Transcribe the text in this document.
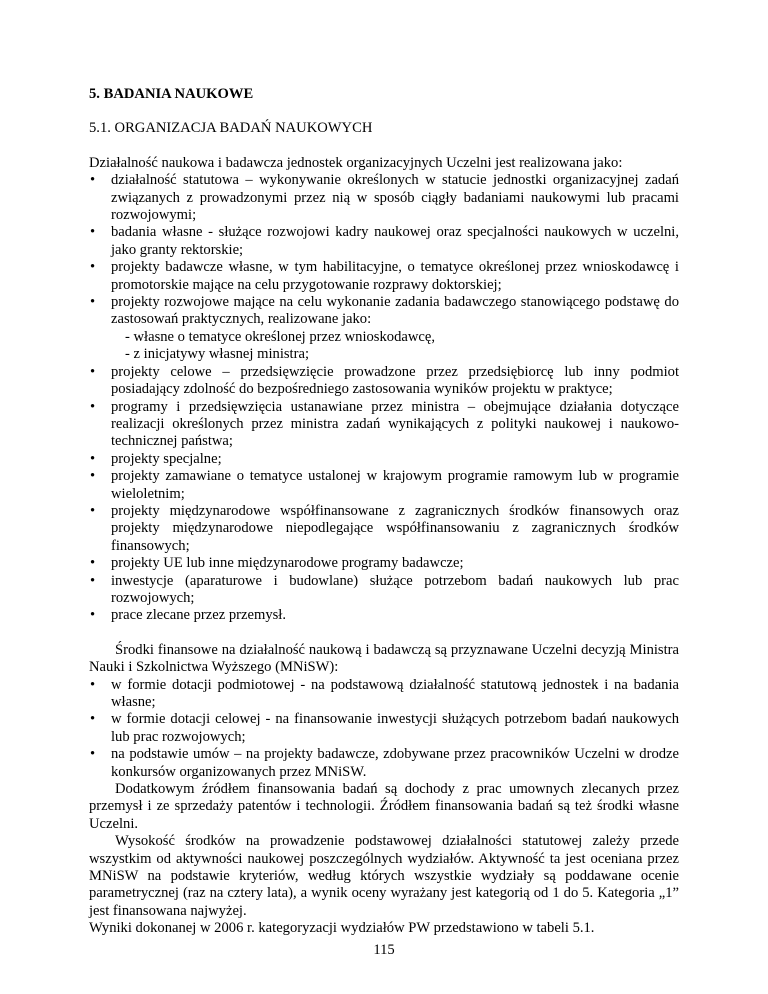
5. BADANIA NAUKOWE
5.1. ORGANIZACJA BADAŃ NAUKOWYCH

Działalność naukowa i badawcza jednostek organizacyjnych Uczelni jest realizowana jako:

• działalność statutowa – wykonywanie określonych w statucie jednostki organizacyjnej zadań związanych z prowadzonymi przez nią w sposób ciągły badaniami naukowymi lub pracami rozwojowymi;
• badania własne - służące rozwojowi kadry naukowej oraz specjalności naukowych w uczelni, jako granty rektorskie;
• projekty badawcze własne, w tym habilitacyjne, o tematyce określonej przez wnioskodawcę i promotorskie mające na celu przygotowanie rozprawy doktorskiej;
• projekty rozwojowe mające na celu wykonanie zadania badawczego stanowiącego podstawę do zastosowań praktycznych, realizowane jako:
- własne o tematyce określonej przez wnioskodawcę,
- z inicjatywy własnej ministra;
• projekty celowe – przedsięwzięcie prowadzone przez przedsiębiorcę lub inny podmiot posiadający zdolność do bezpośredniego zastosowania wyników projektu w praktyce;
• programy i przedsięwzięcia ustanawiane przez ministra – obejmujące działania dotyczące realizacji określonych przez ministra zadań wynikających z polityki naukowej i naukowo-technicznej państwa;
• projekty specjalne;
• projekty zamawiane o tematyce ustalonej w krajowym programie ramowym lub w programie wieloletnim;
• projekty międzynarodowe współfinansowane z zagranicznych środków finansowych oraz projekty międzynarodowe niepodlegające współfinansowaniu z zagranicznych środków finansowych;
• projekty UE lub inne międzynarodowe programy badawcze;
• inwestycje (aparaturowe i budowlane) służące potrzebom badań naukowych lub prac rozwojowych;
• prace zlecane przez przemysł.

Środki finansowe na działalność naukową i badawczą są przyznawane Uczelni decyzją Ministra Nauki i Szkolnictwa Wyższego (MNiSW):

• w formie dotacji podmiotowej - na podstawową działalność statutową jednostek i na badania własne;
• w formie dotacji celowej - na finansowanie inwestycji służących potrzebom badań naukowych lub prac rozwojowych;
• na podstawie umów – na projekty badawcze, zdobywane przez pracowników Uczelni w drodze konkursów organizowanych przez MNiSW.

Dodatkowym źródłem finansowania badań są dochody z prac umownych zlecanych przez przemysł i ze sprzedaży patentów i technologii. Źródłem finansowania badań są też środki własne Uczelni.

Wysokość środków na prowadzenie podstawowej działalności statutowej zależy przede wszystkim od aktywności naukowej poszczególnych wydziałów. Aktywność ta jest oceniana przez MNiSW na podstawie kryteriów, według których wszystkie wydziały są poddawane ocenie parametrycznej (raz na cztery lata), a wynik oceny wyrażany jest kategorią od 1 do 5. Kategoria „1” jest finansowana najwyżej.

Wyniki dokonanej w 2006 r. kategoryzacji wydziałów PW przedstawiono w tabeli 5.1.

115
